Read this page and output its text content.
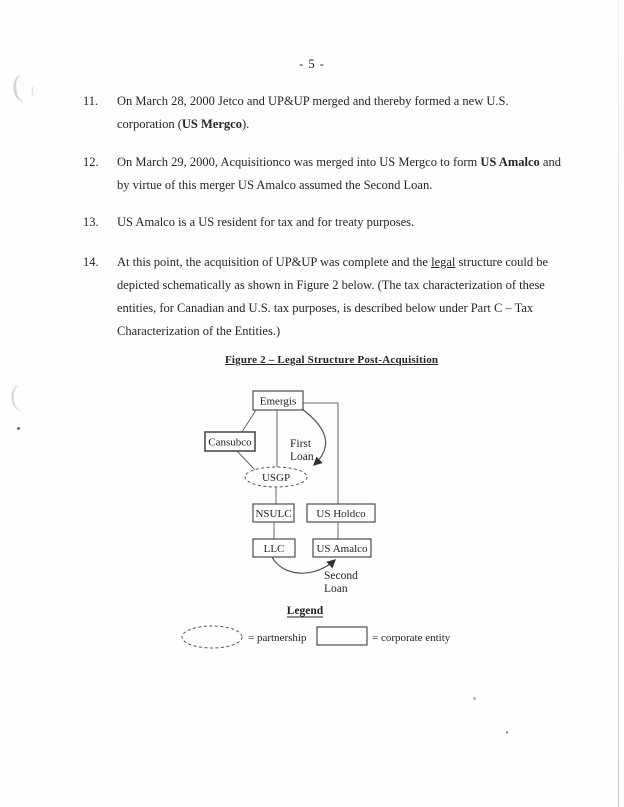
- 5 -
11. On March 28, 2000 Jetco and UP&UP merged and thereby formed a new U.S.
corporation (US Mergco).
12. On March 29, 2000, Acquisitionco was merged into US Mergco to form US Amalco and
by virtue of this merger US Amalco assumed the Second Loan.
13. US Amalco is a US resident for tax and for treaty purposes.
14. At this point, the acquisition of UP&UP was complete and the legal structure could be
depicted schematically as shown in Figure 2 below. (The tax characterization of these
entities, for Canadian and U.S. tax purposes, is described below under Part C – Tax
Characterization of the Entities.)
Figure 2 – Legal Structure Post-Acquisition
Emergis
Cansubco
USGP
NSULC US Holdco
LLC	US Amalco
First
Loan
Second
Loan
Legend
= partnership	= corporate entity
( (
(
